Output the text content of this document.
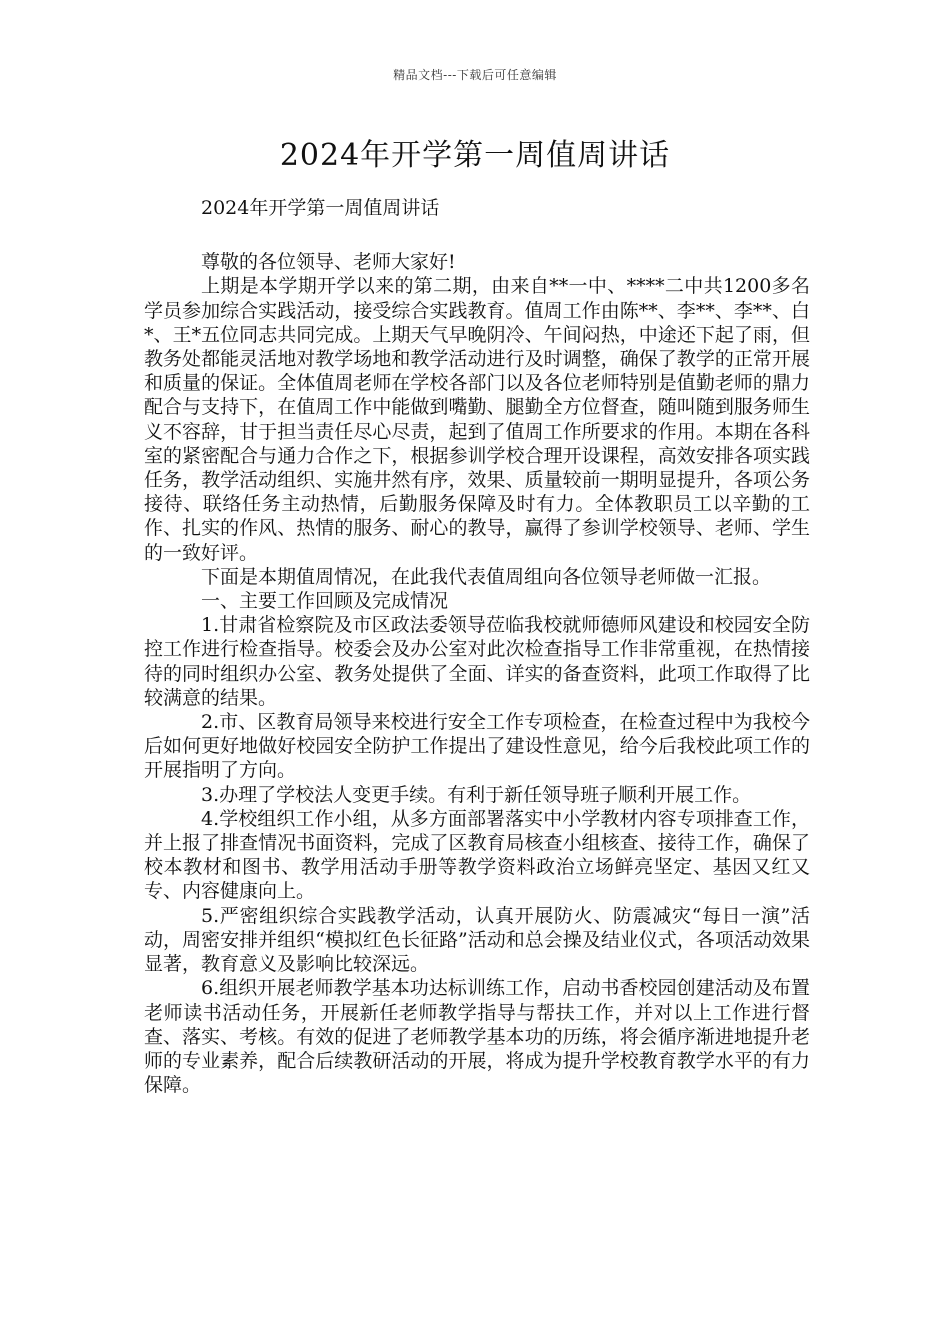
精品文档---下载后可任意编辑
2024年开学第一周值周讲话

2024年开学第一周值周讲话

尊敬的各位领导、老师大家好!

上期是本学期开学以来的第二期，由来自**一中、****二中共1200多名学员参加综合实践活动，接受综合实践教育。值周工作由陈**、李**、李**、白*、王*五位同志共同完成。上期天气早晚阴冷、午间闷热，中途还下起了雨，但教务处都能灵活地对教学场地和教学活动进行及时调整，确保了教学的正常开展和质量的保证。全体值周老师在学校各部门以及各位老师特别是值勤老师的鼎力配合与支持下，在值周工作中能做到嘴勤、腿勤全方位督查，随叫随到服务师生义不容辞，甘于担当责任尽心尽责，起到了值周工作所要求的作用。本期在各科室的紧密配合与通力合作之下，根据参训学校合理开设课程，高效安排各项实践任务，教学活动组织、实施井然有序，效果、质量较前一期明显提升，各项公务接待、联络任务主动热情，后勤服务保障及时有力。全体教职员工以辛勤的工作、扎实的作风、热情的服务、耐心的教导，赢得了参训学校领导、老师、学生的一致好评。

下面是本期值周情况，在此我代表值周组向各位领导老师做一汇报。

一、主要工作回顾及完成情况

1.甘肃省检察院及市区政法委领导莅临我校就师德师风建设和校园安全防控工作进行检查指导。校委会及办公室对此次检查指导工作非常重视，在热情接待的同时组织办公室、教务处提供了全面、详实的备查资料，此项工作取得了比较满意的结果。

2.市、区教育局领导来校进行安全工作专项检查，在检查过程中为我校今后如何更好地做好校园安全防护工作提出了建设性意见，给今后我校此项工作的开展指明了方向。

3.办理了学校法人变更手续。有利于新任领导班子顺利开展工作。

4.学校组织工作小组，从多方面部署落实中小学教材内容专项排查工作，并上报了排查情况书面资料，完成了区教育局核查小组核查、接待工作，确保了校本教材和图书、教学用活动手册等教学资料政治立场鲜亮坚定、基因又红又专、内容健康向上。

5.严密组织综合实践教学活动，认真开展防火、防震减灾“每日一演”活动，周密安排并组织“模拟红色长征路”活动和总会操及结业仪式，各项活动效果显著，教育意义及影响比较深远。

6.组织开展老师教学基本功达标训练工作，启动书香校园创建活动及布置老师读书活动任务，开展新任老师教学指导与帮扶工作，并对以上工作进行督查、落实、考核。有效的促进了老师教学基本功的历练，将会循序渐进地提升老师的专业素养，配合后续教研活动的开展，将成为提升学校教育教学水平的有力保障。
